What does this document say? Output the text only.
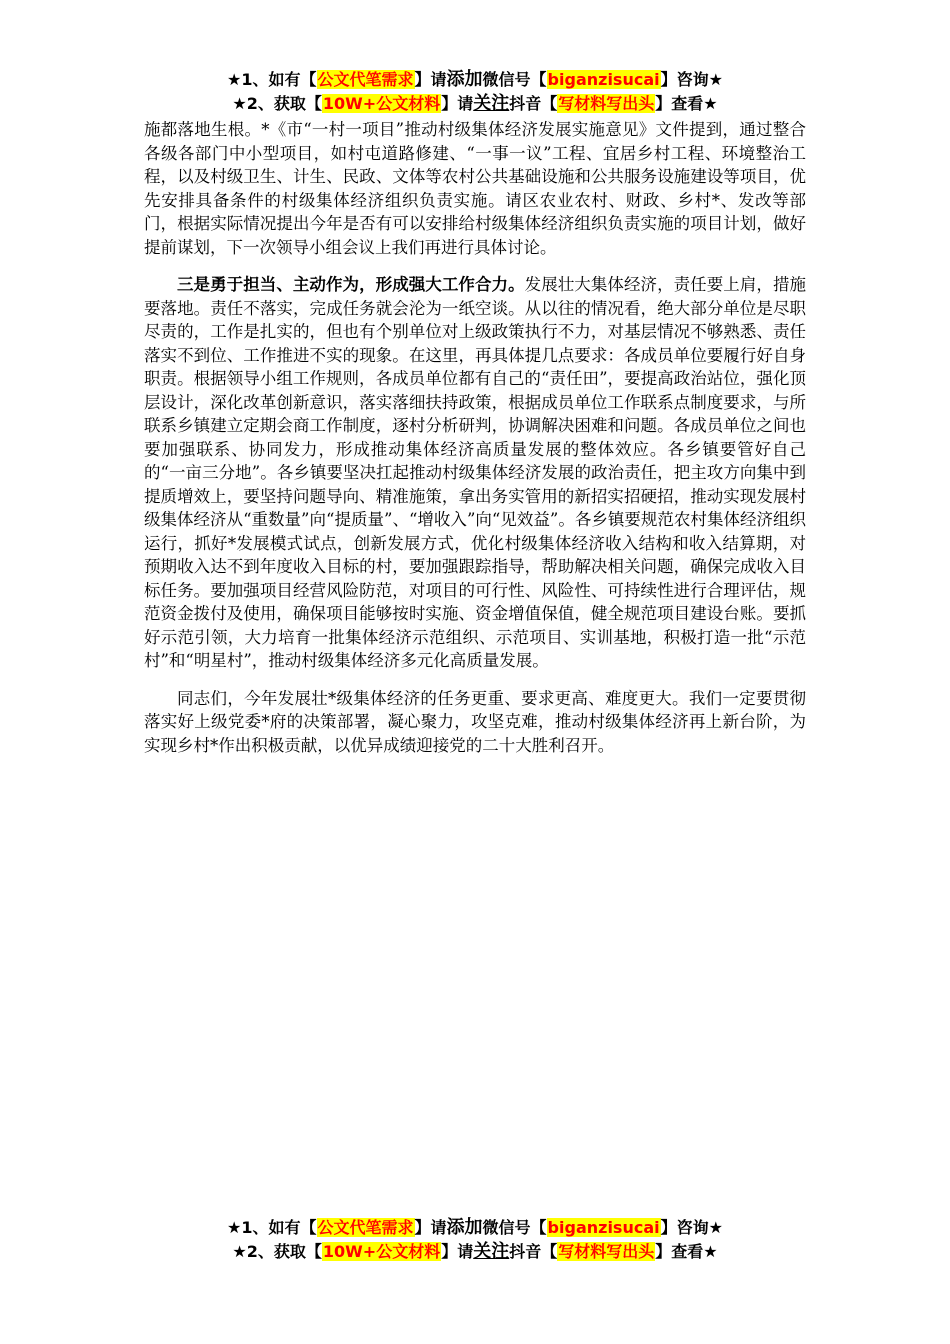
★1、如有【公文代笔需求】请添加微信号【biganzisucai】咨询★
★2、获取【10W+公文材料】请关注抖音【写材料写出头】查看★

施都落地生根。*《市“一村一项目”推动村级集体经济发展实施意见》文件提到，通过整合各级各部门中小型项目，如村屯道路修建、“一事一议”工程、宜居乡村工程、环境整治工程，以及村级卫生、计生、民政、文体等农村公共基础设施和公共服务设施建设等项目，优先安排具备条件的村级集体经济组织负责实施。请区农业农村、财政、乡村*、发改等部门，根据实际情况提出今年是否有可以安排给村级集体经济组织负责实施的项目计划，做好提前谋划，下一次领导小组会议上我们再进行具体讨论。

三是勇于担当、主动作为，形成强大工作合力。发展壮大集体经济，责任要上肩，措施要落地。责任不落实，完成任务就会沦为一纸空谈。从以往的情况看，绝大部分单位是尽职尽责的，工作是扎实的，但也有个别单位对上级政策执行不力，对基层情况不够熟悉、责任落实不到位、工作推进不实的现象。在这里，再具体提几点要求：各成员单位要履行好自身职责。根据领导小组工作规则，各成员单位都有自己的“责任田”，要提高政治站位，强化顶层设计，深化改革创新意识，落实落细扶持政策，根据成员单位工作联系点制度要求，与所联系乡镇建立定期会商工作制度，逐村分析研判，协调解决困难和问题。各成员单位之间也要加强联系、协同发力，形成推动集体经济高质量发展的整体效应。各乡镇要管好自己的“一亩三分地”。各乡镇要坚决扛起推动村级集体经济发展的政治责任，把主攻方向集中到提质增效上，要坚持问题导向、精准施策，拿出务实管用的新招实招硬招，推动实现发展村级集体经济从“重数量”向“提质量”、“增收入”向“见效益”。各乡镇要规范农村集体经济组织运行，抓好*发展模式试点，创新发展方式，优化村级集体经济收入结构和收入结算期，对预期收入达不到年度收入目标的村，要加强跟踪指导，帮助解决相关问题，确保完成收入目标任务。要加强项目经营风险防范，对项目的可行性、风险性、可持续性进行合理评估，规范资金拨付及使用，确保项目能够按时实施、资金增值保值，健全规范项目建设台账。要抓好示范引领，大力培育一批集体经济示范组织、示范项目、实训基地，积极打造一批“示范村”和“明星村”，推动村级集体经济多元化高质量发展。

同志们，今年发展壮*级集体经济的任务更重、要求更高、难度更大。我们一定要贯彻落实好上级党委*府的决策部署，凝心聚力，攻坚克难，推动村级集体经济再上新台阶，为实现乡村*作出积极贡献，以优异成绩迎接党的二十大胜利召开。

★1、如有【公文代笔需求】请添加微信号【biganzisucai】咨询★
★2、获取【10W+公文材料】请关注抖音【写材料写出头】查看★
